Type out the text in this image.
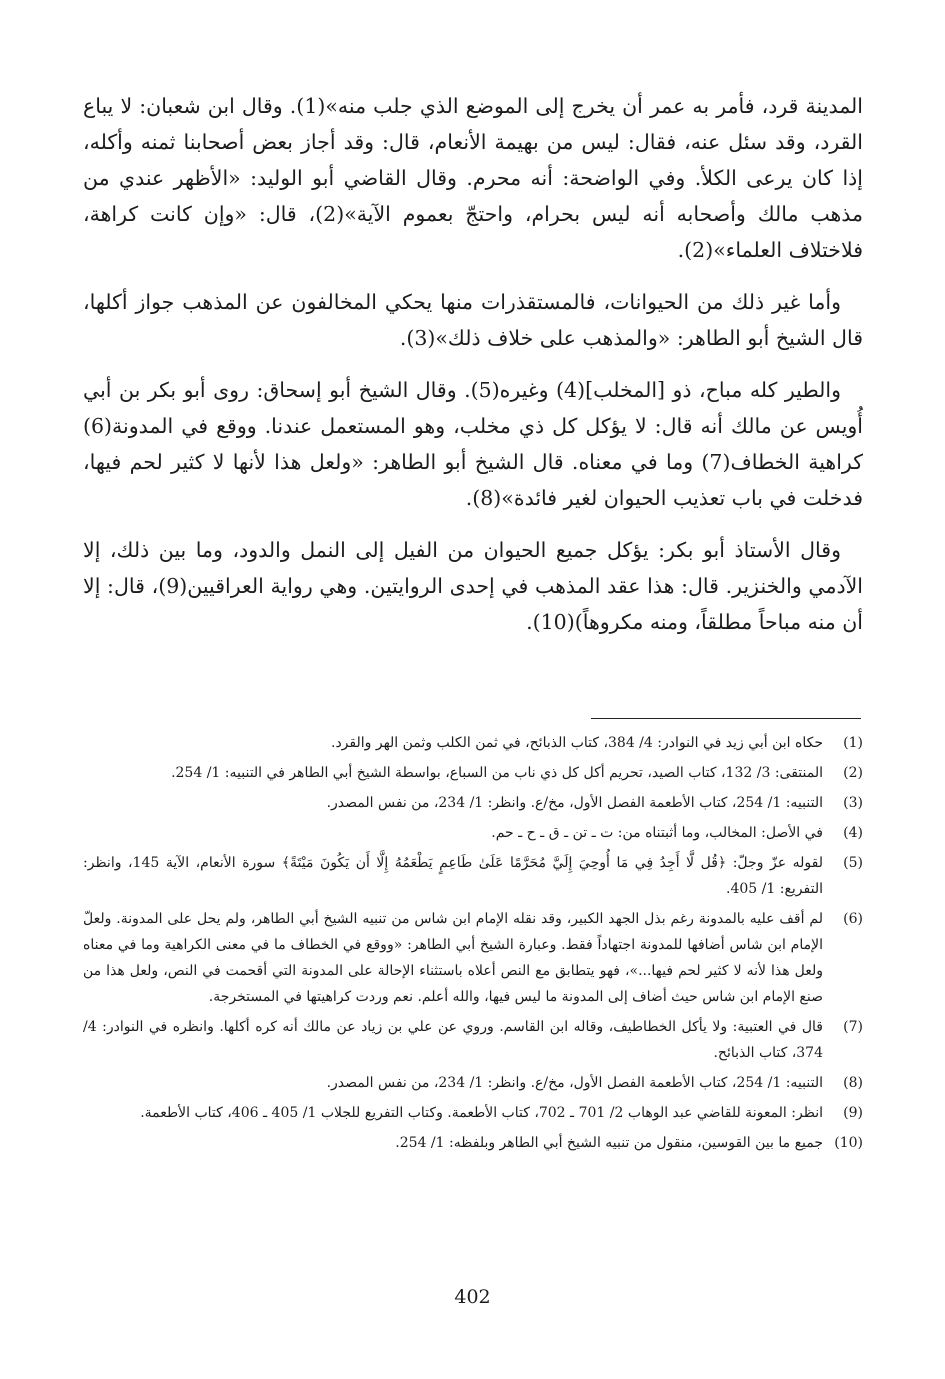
المدينة قرد، فأمر به عمر أن يخرج إلى الموضع الذي جلب منه»(1). وقال ابن شعبان: لا يباع القرد، وقد سئل عنه، فقال: ليس من بهيمة الأنعام، قال: وقد أجاز بعض أصحابنا ثمنه وأكله، إذا كان يرعى الكلأ. وفي الواضحة: أنه محرم. وقال القاضي أبو الوليد: «الأظهر عندي من مذهب مالك وأصحابه أنه ليس بحرام، واحتجّ بعموم الآية»(2)، قال: «وإن كانت كراهة، فلاختلاف العلماء»(2).

وأما غير ذلك من الحيوانات، فالمستقذرات منها يحكي المخالفون عن المذهب جواز أكلها، قال الشيخ أبو الطاهر: «والمذهب على خلاف ذلك»(3).

والطير كله مباح، ذو [المخلب](4) وغيره(5). وقال الشيخ أبو إسحاق: روى أبو بكر بن أبي أُويس عن مالك أنه قال: لا يؤكل كل ذي مخلب، وهو المستعمل عندنا. ووقع في المدونة(6) كراهية الخطاف(7) وما في معناه. قال الشيخ أبو الطاهر: «ولعل هذا لأنها لا كثير لحم فيها، فدخلت في باب تعذيب الحيوان لغير فائدة»(8).

وقال الأستاذ أبو بكر: يؤكل جميع الحيوان من الفيل إلى النمل والدود، وما بين ذلك، إلا الآدمي والخنزير. قال: هذا عقد المذهب في إحدى الروايتين. وهي رواية العراقيين(9)، قال: إلا أن منه مباحاً مطلقاً، ومنه مكروهاً)(10).

(1)
حكاه ابن أبي زيد في النوادر: 4/ 384، كتاب الذبائح، في ثمن الكلب وثمن الهر والقرد.
(2)
المنتقى: 3/ 132، كتاب الصيد، تحريم أكل كل ذي ناب من السباع، بواسطة الشيخ أبي الطاهر في التنبيه: 1/ 254.
(3)
التنبيه: 1/ 254، كتاب الأطعمة الفصل الأول، مخ/ع. وانظر: 1/ 234، من نفس المصدر.
(4)
في الأصل: المخالب، وما أثبتناه من: ت ـ تن ـ ق ـ ح ـ حم.
(5)
لقوله عزّ وجلّ: ﴿قُل لَّا أَجِدُ فِي مَا أُوحِيَ إِلَيَّ مُحَرَّمًا عَلَىٰ طَاعِمٍ يَطْعَمُهُ إِلَّا أَن يَكُونَ مَيْتَةً﴾ سورة الأنعام، الآية 145، وانظر: التفريع: 1/ 405.
(6)
لم أقف عليه بالمدونة رغم بذل الجهد الكبير، وقد نقله الإمام ابن شاس من تنبيه الشيخ أبي الطاهر، ولم يحل على المدونة. ولعلّ الإمام ابن شاس أضافها للمدونة اجتهاداً فقط. وعبارة الشيخ أبي الطاهر: «ووقع في الخطاف ما في معنى الكراهية وما في معناه ولعل هذا لأنه لا كثير لحم فيها...»، فهو يتطابق مع النص أعلاه باستثناء الإحالة على المدونة التي أقحمت في النص، ولعل هذا من صنع الإمام ابن شاس حيث أضاف إلى المدونة ما ليس فيها، والله أعلم. نعم وردت كراهيتها في المستخرجة.
(7)
قال في العتبية: ولا يأكل الخطاطيف، وقاله ابن القاسم. وروي عن علي بن زياد عن مالك أنه كره أكلها. وانظره في النوادر: 4/ 374، كتاب الذبائح.
(8)
التنبيه: 1/ 254، كتاب الأطعمة الفصل الأول، مخ/ع. وانظر: 1/ 234، من نفس المصدر.
(9)
انظر: المعونة للقاضي عبد الوهاب 2/ 701 ـ 702، كتاب الأطعمة. وكتاب التفريع للجلاب 1/ 405 ـ 406، كتاب الأطعمة.
(10)
جميع ما بين القوسين، منقول من تنبيه الشيخ أبي الطاهر وبلفظه: 1/ 254.
402
